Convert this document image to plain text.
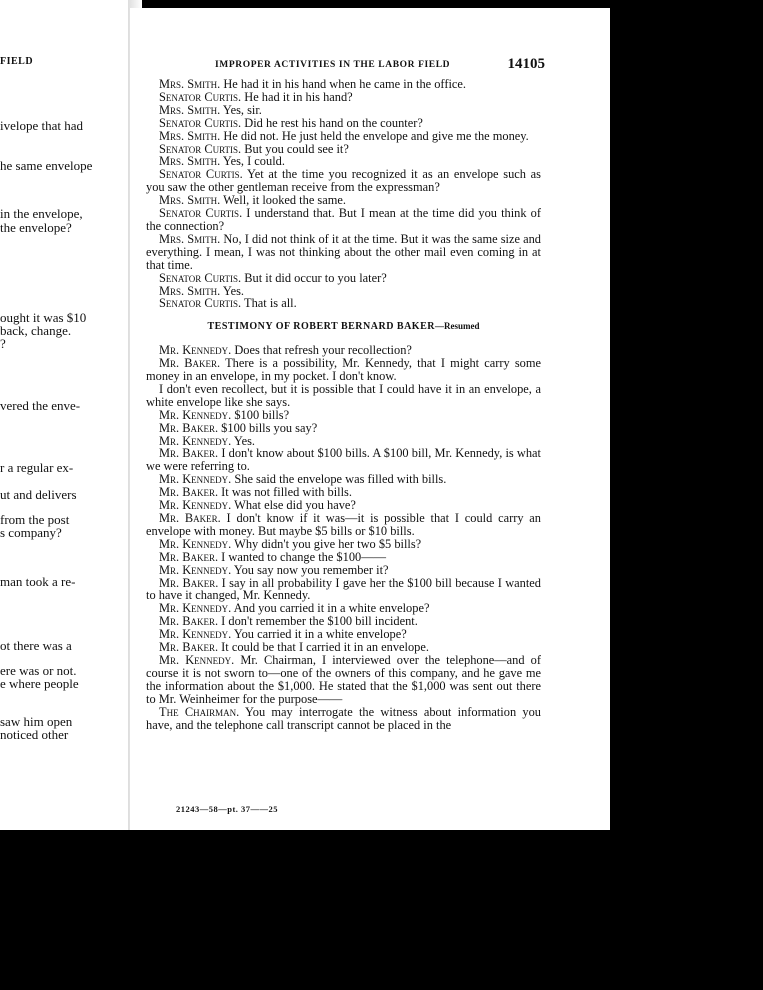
FIELD
ivelope that had
he same envelope
in the envelope,
the envelope?
ought it was $10
back, change.
?
vered the enve-
r a regular ex-
ut and delivers
from the post
s company?
man took a re-
ot there was a
ere was or not.
e where people
saw him open
noticed other
IMPROPER ACTIVITIES IN THE LABOR FIELD	14105

Mrs. Smith. He had it in his hand when he came in the office.

Senator Curtis. He had it in his hand?

Mrs. Smith. Yes, sir.

Senator Curtis. Did he rest his hand on the counter?

Mrs. Smith. He did not. He just held the envelope and give me the money.

Senator Curtis. But you could see it?

Mrs. Smith. Yes, I could.

Senator Curtis. Yet at the time you recognized it as an envelope such as you saw the other gentleman receive from the expressman?

Mrs. Smith. Well, it looked the same.

Senator Curtis. I understand that. But I mean at the time did you think of the connection?

Mrs. Smith. No, I did not think of it at the time. But it was the same size and everything. I mean, I was not thinking about the other mail even coming in at that time.

Senator Curtis. But it did occur to you later?

Mrs. Smith. Yes.

Senator Curtis. That is all.

TESTIMONY OF ROBERT BERNARD BAKER—Resumed

Mr. Kennedy. Does that refresh your recollection?

Mr. Baker. There is a possibility, Mr. Kennedy, that I might carry some money in an envelope, in my pocket. I don't know.

I don't even recollect, but it is possible that I could have it in an envelope, a white envelope like she says.

Mr. Kennedy. $100 bills?

Mr. Baker. $100 bills you say?

Mr. Kennedy. Yes.

Mr. Baker. I don't know about $100 bills. A $100 bill, Mr. Kennedy, is what we were referring to.

Mr. Kennedy. She said the envelope was filled with bills.

Mr. Baker. It was not filled with bills.

Mr. Kennedy. What else did you have?

Mr. Baker. I don't know if it was—it is possible that I could carry an envelope with money. But maybe $5 bills or $10 bills.

Mr. Kennedy. Why didn't you give her two $5 bills?

Mr. Baker. I wanted to change the $100——

Mr. Kennedy. You say now you remember it?

Mr. Baker. I say in all probability I gave her the $100 bill because I wanted to have it changed, Mr. Kennedy.

Mr. Kennedy. And you carried it in a white envelope?

Mr. Baker. I don't remember the $100 bill incident.

Mr. Kennedy. You carried it in a white envelope?

Mr. Baker. It could be that I carried it in an envelope.

Mr. Kennedy. Mr. Chairman, I interviewed over the telephone—and of course it is not sworn to—one of the owners of this company, and he gave me the information about the $1,000. He stated that the $1,000 was sent out there to Mr. Weinheimer for the purpose——

The Chairman. You may interrogate the witness about information you have, and the telephone call transcript cannot be placed in the

21243—58—pt. 37——25
